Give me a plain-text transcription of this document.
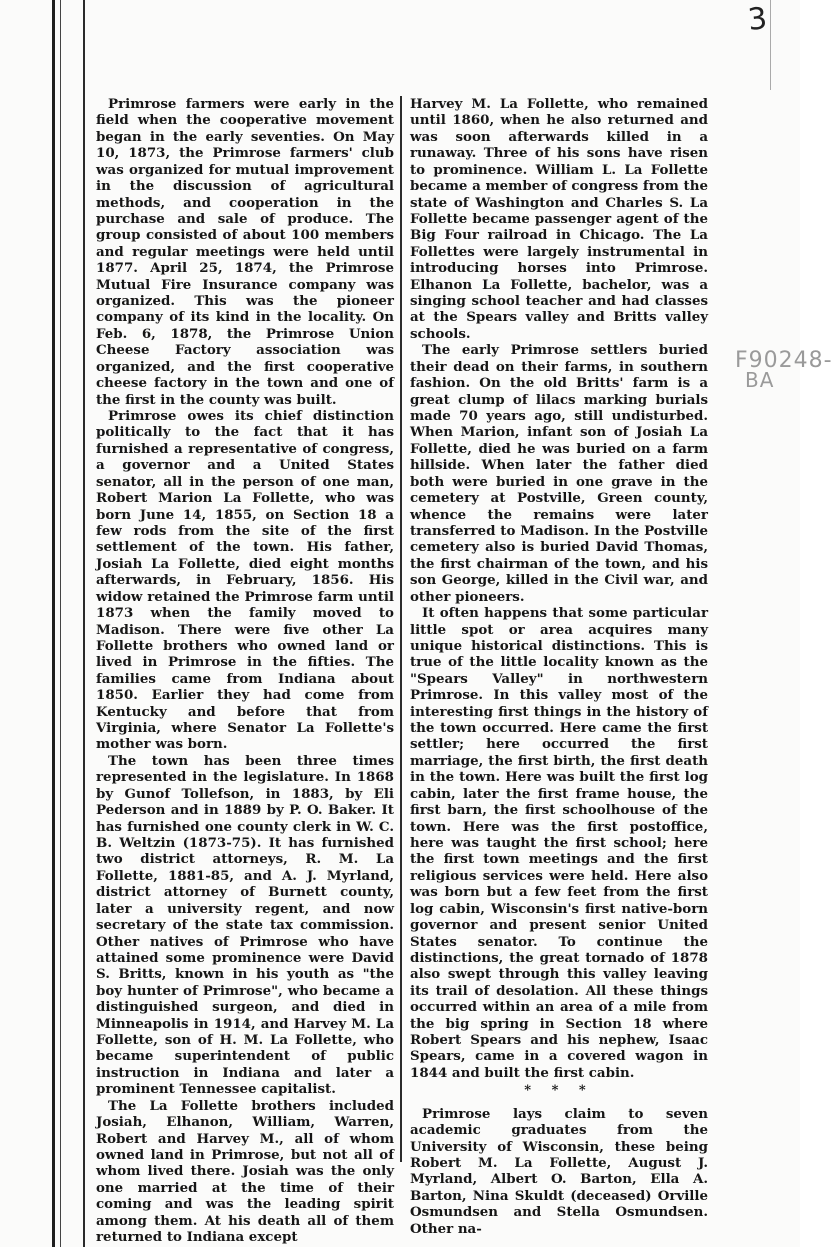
3
F90248-
BA

Primrose farmers were early in the field when the cooperative movement began in the early seventies. On May 10, 1873, the Primrose farmers' club was organized for mutual improvement in the discussion of agricultural methods, and cooperation in the purchase and sale of produce. The group consisted of about 100 members and regular meetings were held until 1877. April 25, 1874, the Primrose Mutual Fire Insurance company was organized. This was the pioneer company of its kind in the locality. On Feb. 6, 1878, the Primrose Union Cheese Factory association was organized, and the first cooperative cheese factory in the town and one of the first in the county was built.

Primrose owes its chief distinction politically to the fact that it has furnished a representative of congress, a governor and a United States senator, all in the person of one man, Robert Marion La Follette, who was born June 14, 1855, on Section 18 a few rods from the site of the first settlement of the town. His father, Josiah La Follette, died eight months afterwards, in February, 1856. His widow retained the Primrose farm until 1873 when the family moved to Madison. There were five other La Follette brothers who owned land or lived in Primrose in the fifties. The families came from Indiana about 1850. Earlier they had come from Kentucky and before that from Virginia, where Senator La Follette's mother was born.

The town has been three times represented in the legislature. In 1868 by Gunof Tollefson, in 1883, by Eli Pederson and in 1889 by P. O. Baker. It has furnished one county clerk in W. C. B. Weltzin (1873-75). It has furnished two district attorneys, R. M. La Follette, 1881-85, and A. J. Myrland, district attorney of Burnett county, later a university regent, and now secretary of the state tax commission. Other natives of Primrose who have attained some prominence were David S. Britts, known in his youth as "the boy hunter of Primrose", who became a distinguished surgeon, and died in Minneapolis in 1914, and Harvey M. La Follette, son of H. M. La Follette, who became superintendent of public instruction in Indiana and later a prominent Tennessee capitalist.

The La Follette brothers included Josiah, Elhanon, William, Warren, Robert and Harvey M., all of whom owned land in Primrose, but not all of whom lived there. Josiah was the only one married at the time of their coming and was the leading spirit among them. At his death all of them returned to Indiana except

Harvey M. La Follette, who remained until 1860, when he also returned and was soon afterwards killed in a runaway. Three of his sons have risen to prominence. William L. La Follette became a member of congress from the state of Washington and Charles S. La Follette became passenger agent of the Big Four railroad in Chicago. The La Follettes were largely instrumental in introducing horses into Primrose. Elhanon La Follette, bachelor, was a singing school teacher and had classes at the Spears valley and Britts valley schools.

The early Primrose settlers buried their dead on their farms, in southern fashion. On the old Britts' farm is a great clump of lilacs marking burials made 70 years ago, still undisturbed. When Marion, infant son of Josiah La Follette, died he was buried on a farm hillside. When later the father died both were buried in one grave in the cemetery at Postville, Green county, whence the remains were later transferred to Madison. In the Postville cemetery also is buried David Thomas, the first chairman of the town, and his son George, killed in the Civil war, and other pioneers.

It often happens that some particular little spot or area acquires many unique historical distinctions. This is true of the little locality known as the "Spears Valley" in northwestern Primrose. In this valley most of the interesting first things in the history of the town occurred. Here came the first settler; here occurred the first marriage, the first birth, the first death in the town. Here was built the first log cabin, later the first frame house, the first barn, the first schoolhouse of the town. Here was the first postoffice, here was taught the first school; here the first town meetings and the first religious services were held. Here also was born but a few feet from the first log cabin, Wisconsin's first native-born governor and present senior United States senator. To continue the distinctions, the great tornado of 1878 also swept through this valley leaving its trail of desolation. All these things occurred within an area of a mile from the big spring in Section 18 where Robert Spears and his nephew, Isaac Spears, came in a covered wagon in 1844 and built the first cabin.

* * *

Primrose lays claim to seven academic graduates from the University of Wisconsin, these being Robert M. La Follette, August J. Myrland, Albert O. Barton, Ella A. Barton, Nina Skuldt (deceased) Orville Osmundsen and Stella Osmundsen. Other na-
